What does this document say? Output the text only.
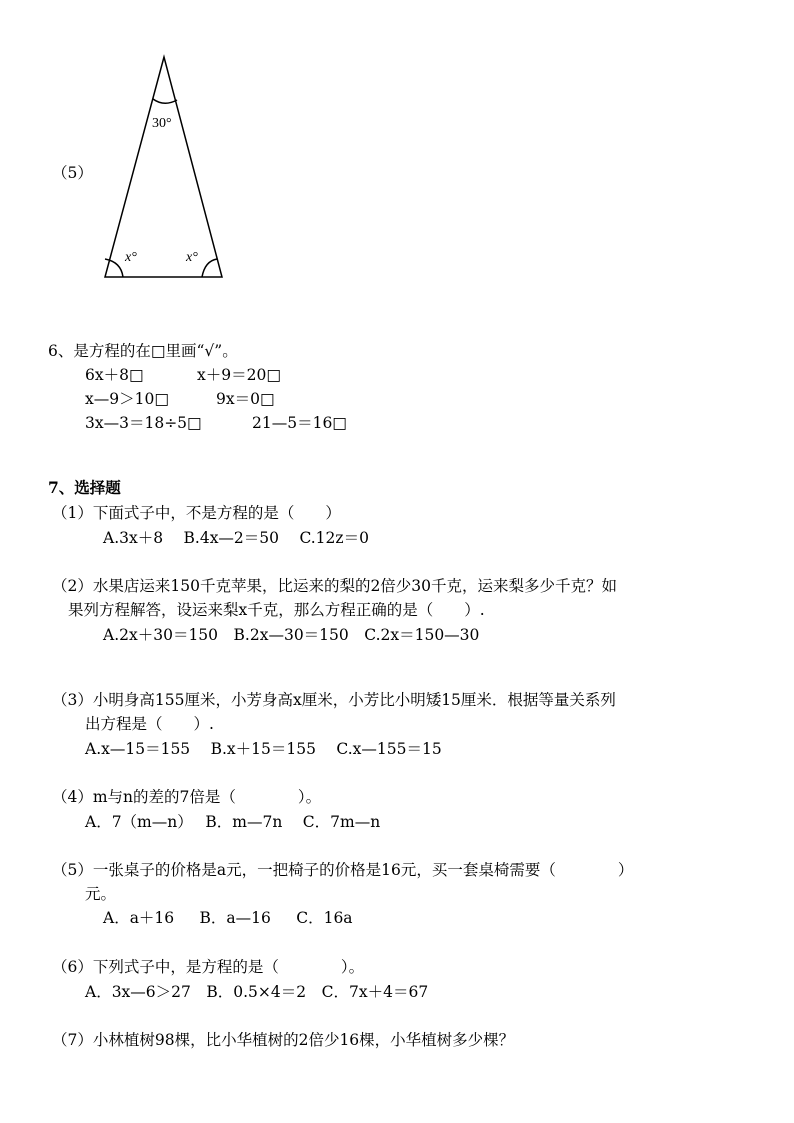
（5）
30°
x°	x°
6、是方程的在□里画“√”。
6x＋8□	x＋9＝20□
x—9＞10□	9x＝0□
3x—3＝18÷5□	21—5＝16□
7、选择题
（1）下面式子中，不是方程的是（　　）
A.3x＋8　 B.4x—2＝50　 C.12z＝0
（2）水果店运来150千克苹果，比运来的梨的2倍少30千克，运来梨多少千克？如
果列方程解答，设运来梨x千克，那么方程正确的是（　　）.
A.2x＋30＝150　B.2x—30＝150　C.2x＝150—30
（3）小明身高155厘米，小芳身高x厘米，小芳比小明矮15厘米．根据等量关系列
出方程是（　　）.
A.x—15＝155　 B.x＋15＝155　 C.x—155＝15
（4）m与n的差的7倍是（　　　　）。
A．7（m—n）　 B．m—7n　 C．7m—n
（5）一张桌子的价格是a元，一把椅子的价格是16元，买一套桌椅需要（　　　　）
元。
A．a＋16　  B．a—16　  C．16a
（6）下列式子中，是方程的是（　　　　）。
A．3x—6＞27　B．0.5×4＝2　C．7x＋4＝67
（7）小林植树98棵，比小华植树的2倍少16棵，小华植树多少棵？
